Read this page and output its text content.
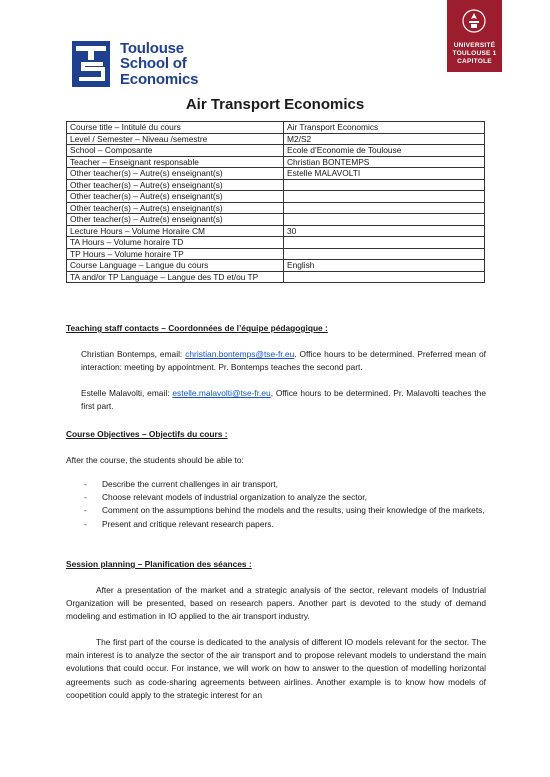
Toulouse
School of
Economics
UNIVERSITÉ
TOULOUSE 1
CAPITOLE
Air Transport Economics
Course title – Intitulé du cours	Air Transport Economics
Level / Semester – Niveau /semestre	M2/S2
School – Composante	Ecole d’Economie de Toulouse
Teacher – Enseignant responsable	Christian BONTEMPS
Other teacher(s) – Autre(s) enseignant(s)	Estelle MALAVOLTI
Other teacher(s) – Autre(s) enseignant(s)	
Other teacher(s) – Autre(s) enseignant(s)	
Other teacher(s) – Autre(s) enseignant(s)	
Other teacher(s) – Autre(s) enseignant(s)	
Lecture Hours – Volume Horaire CM	30
TA Hours – Volume horaire TD	
TP Hours – Volume horaire TP	
Course Language – Langue du cours	English
TA and/or TP Language – Langue des TD et/ou TP	
Teaching staff contacts – Coordonnées de l’équipe pédagogique :
Christian Bontemps, email: christian.bontemps@tse-fr.eu. Office hours to be determined. Preferred mean of interaction: meeting by appointment. Pr. Bontemps teaches the second part.
Estelle Malavolti, email: estelle.malavolti@tse-fr.eu, Office hours to be determined. Pr. Malavolti teaches the first part.
Course Objectives – Objectifs du cours :
After the course, the students should be able to:
- Describe the current challenges in air transport,
- Choose relevant models of industrial organization to analyze the sector,
- Comment on the assumptions behind the models and the results, using their knowledge of the markets,
- Present and critique relevant research papers.
Session planning – Planification des séances :
After a presentation of the market and a strategic analysis of the sector, relevant models of Industrial Organization will be presented, based on research papers. Another part is devoted to the study of demand modeling and estimation in IO applied to the air transport industry.
The first part of the course is dedicated to the analysis of different IO models relevant for the sector. The main interest is to analyze the sector of the air transport and to propose relevant models to understand the main evolutions that could occur. For instance, we will work on how to answer to the question of modelling horizontal agreements such as code-sharing agreements between airlines. Another example is to know how models of coopetition could apply to the strategic interest for an
